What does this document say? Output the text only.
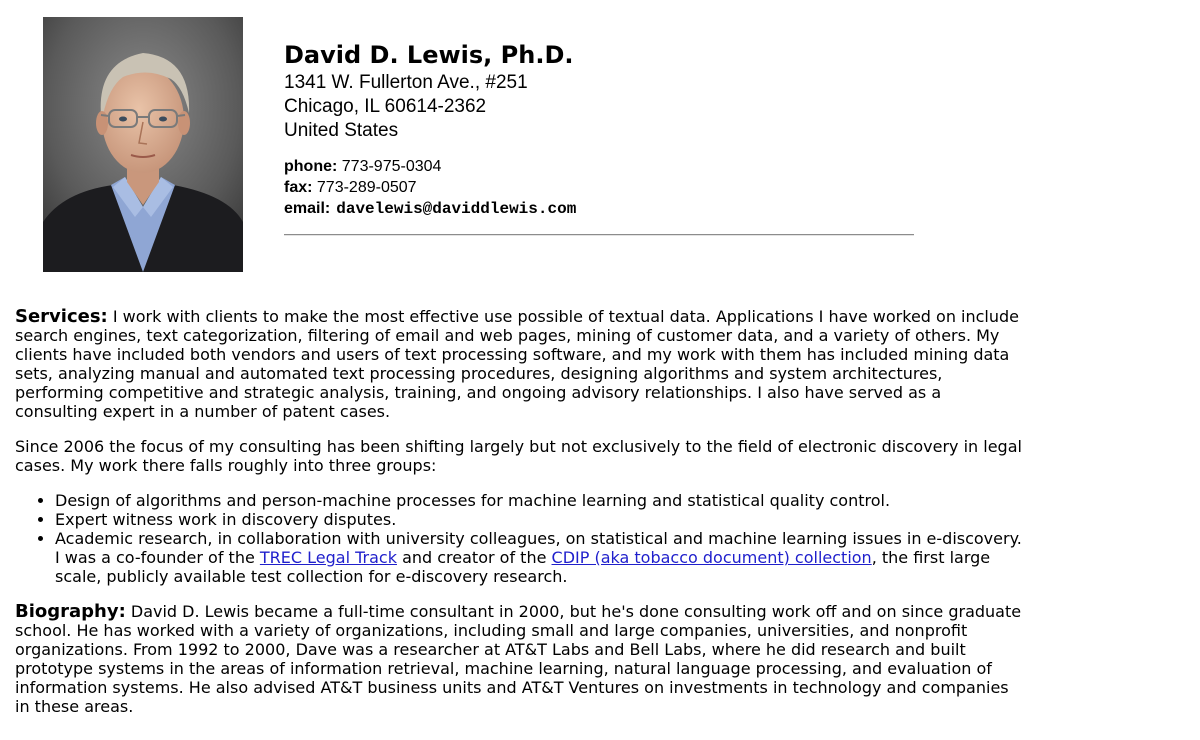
David D. Lewis, Ph.D.
1341 W. Fullerton Ave., #251
Chicago, IL 60614-2362
United States
phone: 773-975-0304
fax: 773-289-0507
email: davelewis@daviddlewis.com

Services: I work with clients to make the most effective use possible of textual data. Applications I have worked on include search engines, text categorization, filtering of email and web pages, mining of customer data, and a variety of others. My clients have included both vendors and users of text processing software, and my work with them has included mining data sets, analyzing manual and automated text processing procedures, designing algorithms and system architectures, performing competitive and strategic analysis, training, and ongoing advisory relationships. I also have served as a consulting expert in a number of patent cases.

Since 2006 the focus of my consulting has been shifting largely but not exclusively to the field of electronic discovery in legal cases. My work there falls roughly into three groups:

• Design of algorithms and person-machine processes for machine learning and statistical quality control.
• Expert witness work in discovery disputes.
• Academic research, in collaboration with university colleagues, on statistical and machine learning issues in e-discovery. I was a co-founder of the TREC Legal Track and creator of the CDIP (aka tobacco document) collection, the first large scale, publicly available test collection for e-discovery research.

Biography: David D. Lewis became a full-time consultant in 2000, but he's done consulting work off and on since graduate school. He has worked with a variety of organizations, including small and large companies, universities, and nonprofit organizations. From 1992 to 2000, Dave was a researcher at AT&T Labs and Bell Labs, where he did research and built prototype systems in the areas of information retrieval, machine learning, natural language processing, and evaluation of information systems. He also advised AT&T business units and AT&T Ventures on investments in technology and companies in these areas.
